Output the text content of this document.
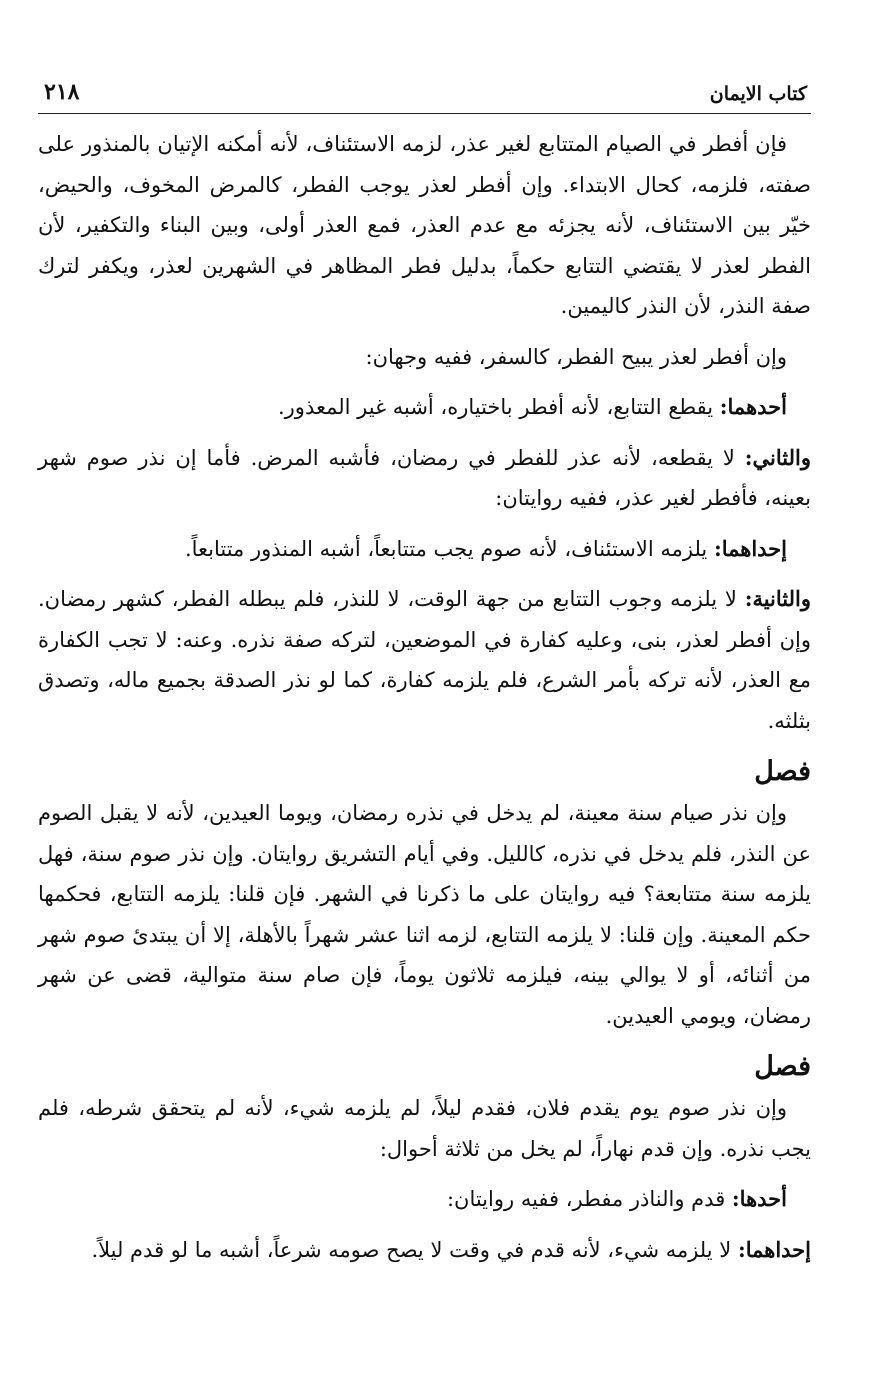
كتاب الايمان
٢١٨

فإن أفطر في الصيام المتتابع لغير عذر، لزمه الاستئناف، لأنه أمكنه الإتيان بالمنذور على صفته، فلزمه، كحال الابتداء. وإن أفطر لعذر يوجب الفطر، كالمرض المخوف، والحيض، خيّر بين الاستئناف، لأنه يجزئه مع عدم العذر، فمع العذر أولى، وبين البناء والتكفير، لأن الفطر لعذر لا يقتضي التتابع حكماً، بدليل فطر المظاهر في الشهرين لعذر، ويكفر لترك صفة النذر، لأن النذر كاليمين.

وإن أفطر لعذر يبيح الفطر، كالسفر، ففيه وجهان:

أحدهما: يقطع التتابع، لأنه أفطر باختياره، أشبه غير المعذور.

والثاني: لا يقطعه، لأنه عذر للفطر في رمضان، فأشبه المرض. فأما إن نذر صوم شهر بعينه، فأفطر لغير عذر، ففيه روايتان:

إحداهما: يلزمه الاستئناف، لأنه صوم يجب متتابعاً، أشبه المنذور متتابعاً.

والثانية: لا يلزمه وجوب التتابع من جهة الوقت، لا للنذر، فلم يبطله الفطر، كشهر رمضان. وإن أفطر لعذر، بنى، وعليه كفارة في الموضعين، لتركه صفة نذره. وعنه: لا تجب الكفارة مع العذر، لأنه تركه بأمر الشرع، فلم يلزمه كفارة، كما لو نذر الصدقة بجميع ماله، وتصدق بثلثه.

فصل

وإن نذر صيام سنة معينة، لم يدخل في نذره رمضان، ويوما العيدين، لأنه لا يقبل الصوم عن النذر، فلم يدخل في نذره، كالليل. وفي أيام التشريق روايتان. وإن نذر صوم سنة، فهل يلزمه سنة متتابعة؟ فيه روايتان على ما ذكرنا في الشهر. فإن قلنا: يلزمه التتابع، فحكمها حكم المعينة. وإن قلنا: لا يلزمه التتابع، لزمه اثنا عشر شهراً بالأهلة، إلا أن يبتدئ صوم شهر من أثنائه، أو لا يوالي بينه، فيلزمه ثلاثون يوماً، فإن صام سنة متوالية، قضى عن شهر رمضان، ويومي العيدين.

فصل

وإن نذر صوم يوم يقدم فلان، فقدم ليلاً، لم يلزمه شيء، لأنه لم يتحقق شرطه، فلم يجب نذره. وإن قدم نهاراً، لم يخل من ثلاثة أحوال:

أحدها: قدم والناذر مفطر، ففيه روايتان:

إحداهما: لا يلزمه شيء، لأنه قدم في وقت لا يصح صومه شرعاً، أشبه ما لو قدم ليلاً.
